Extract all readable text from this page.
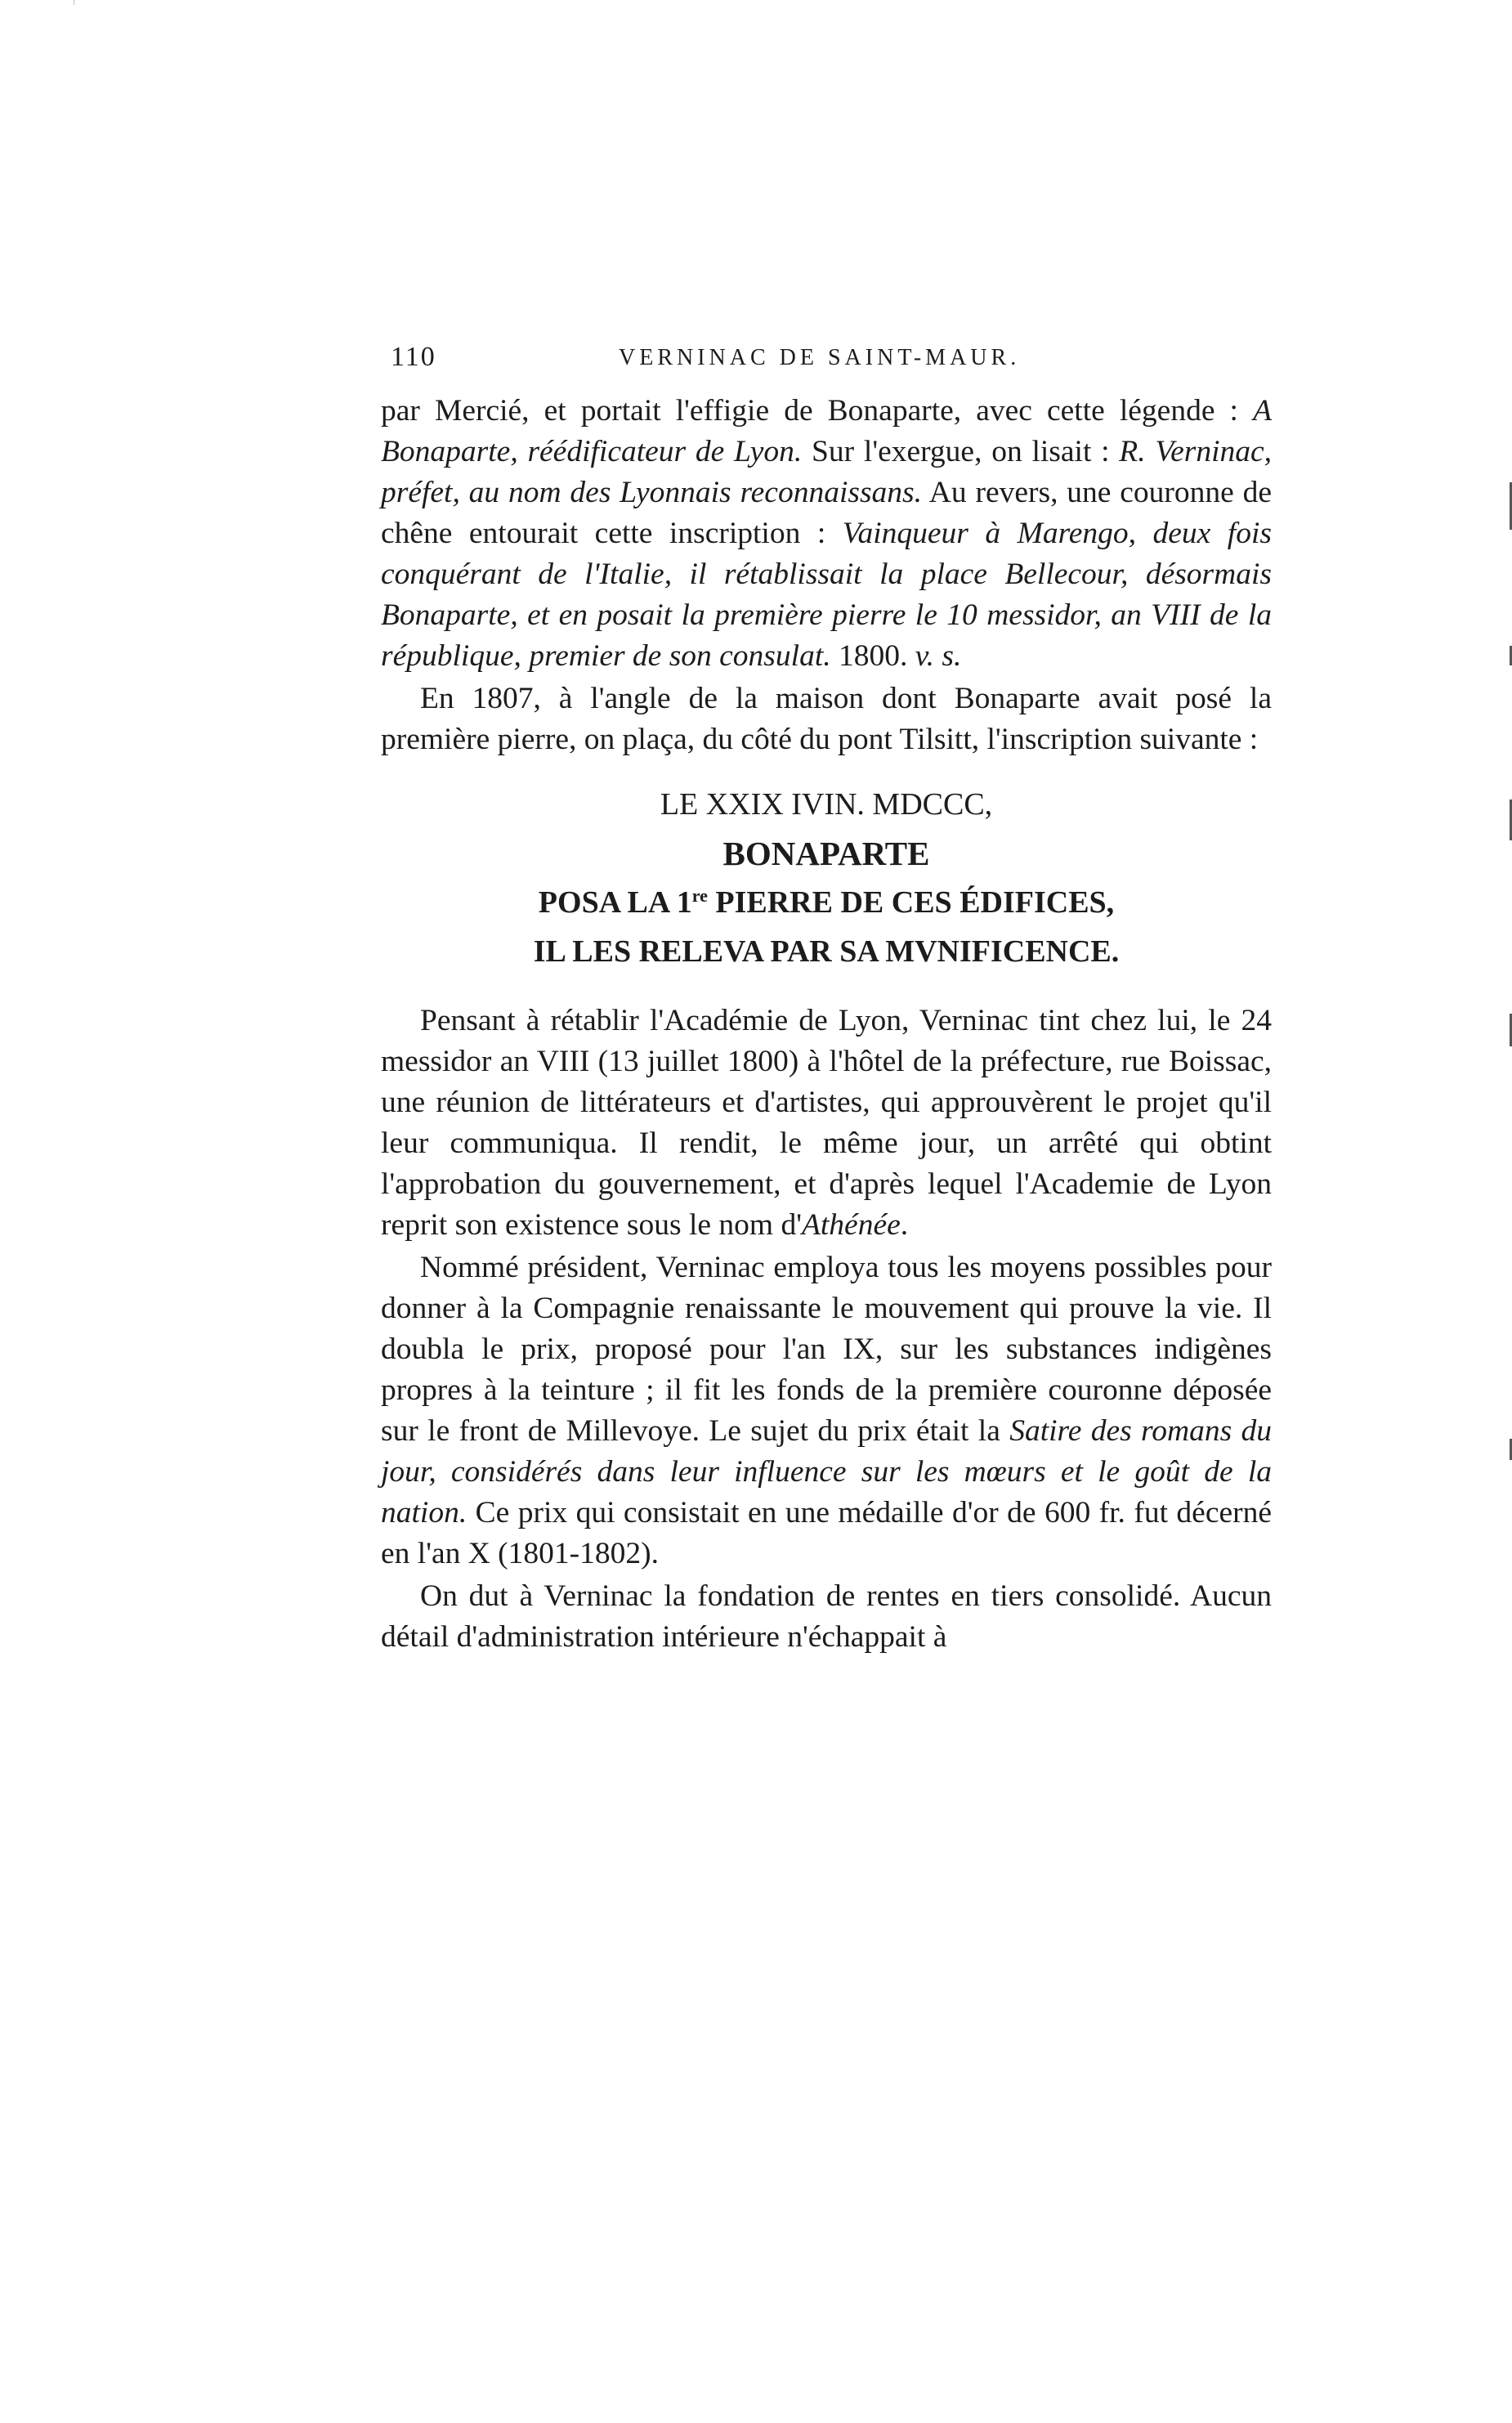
110	VERNINAC DE SAINT-MAUR.

par Mercié, et portait l'effigie de Bonaparte, avec cette légende : A Bonaparte, réédificateur de Lyon. Sur l'exergue, on lisait : R. Verninac, préfet, au nom des Lyonnais reconnaissans. Au revers, une couronne de chêne entourait cette inscription : Vainqueur à Marengo, deux fois conquérant de l'Italie, il rétablissait la place Bellecour, désormais Bonaparte, et en posait la première pierre le 10 messidor, an VIII de la république, premier de son consulat. 1800. v. s.

En 1807, à l'angle de la maison dont Bonaparte avait posé la première pierre, on plaça, du côté du pont Tilsitt, l'inscription suivante :

LE XXIX IVIN. MDCCC,
BONAPARTE
POSA LA 1re PIERRE DE CES ÉDIFICES,
IL LES RELEVA PAR SA MVNIFICENCE.

Pensant à rétablir l'Académie de Lyon, Verninac tint chez lui, le 24 messidor an VIII (13 juillet 1800) à l'hôtel de la préfecture, rue Boissac, une réunion de littérateurs et d'artistes, qui approuvèrent le projet qu'il leur communiqua. Il rendit, le même jour, un arrêté qui obtint l'approbation du gouvernement, et d'après lequel l'Academie de Lyon reprit son existence sous le nom d'Athénée.

Nommé président, Verninac employa tous les moyens possibles pour donner à la Compagnie renaissante le mouvement qui prouve la vie. Il doubla le prix, proposé pour l'an IX, sur les substances indigènes propres à la teinture ; il fit les fonds de la première couronne déposée sur le front de Millevoye. Le sujet du prix était la Satire des romans du jour, considérés dans leur influence sur les mœurs et le goût de la nation. Ce prix qui consistait en une médaille d'or de 600 fr. fut décerné en l'an X (1801-1802).

On dut à Verninac la fondation de rentes en tiers consolidé. Aucun détail d'administration intérieure n'échappait à
